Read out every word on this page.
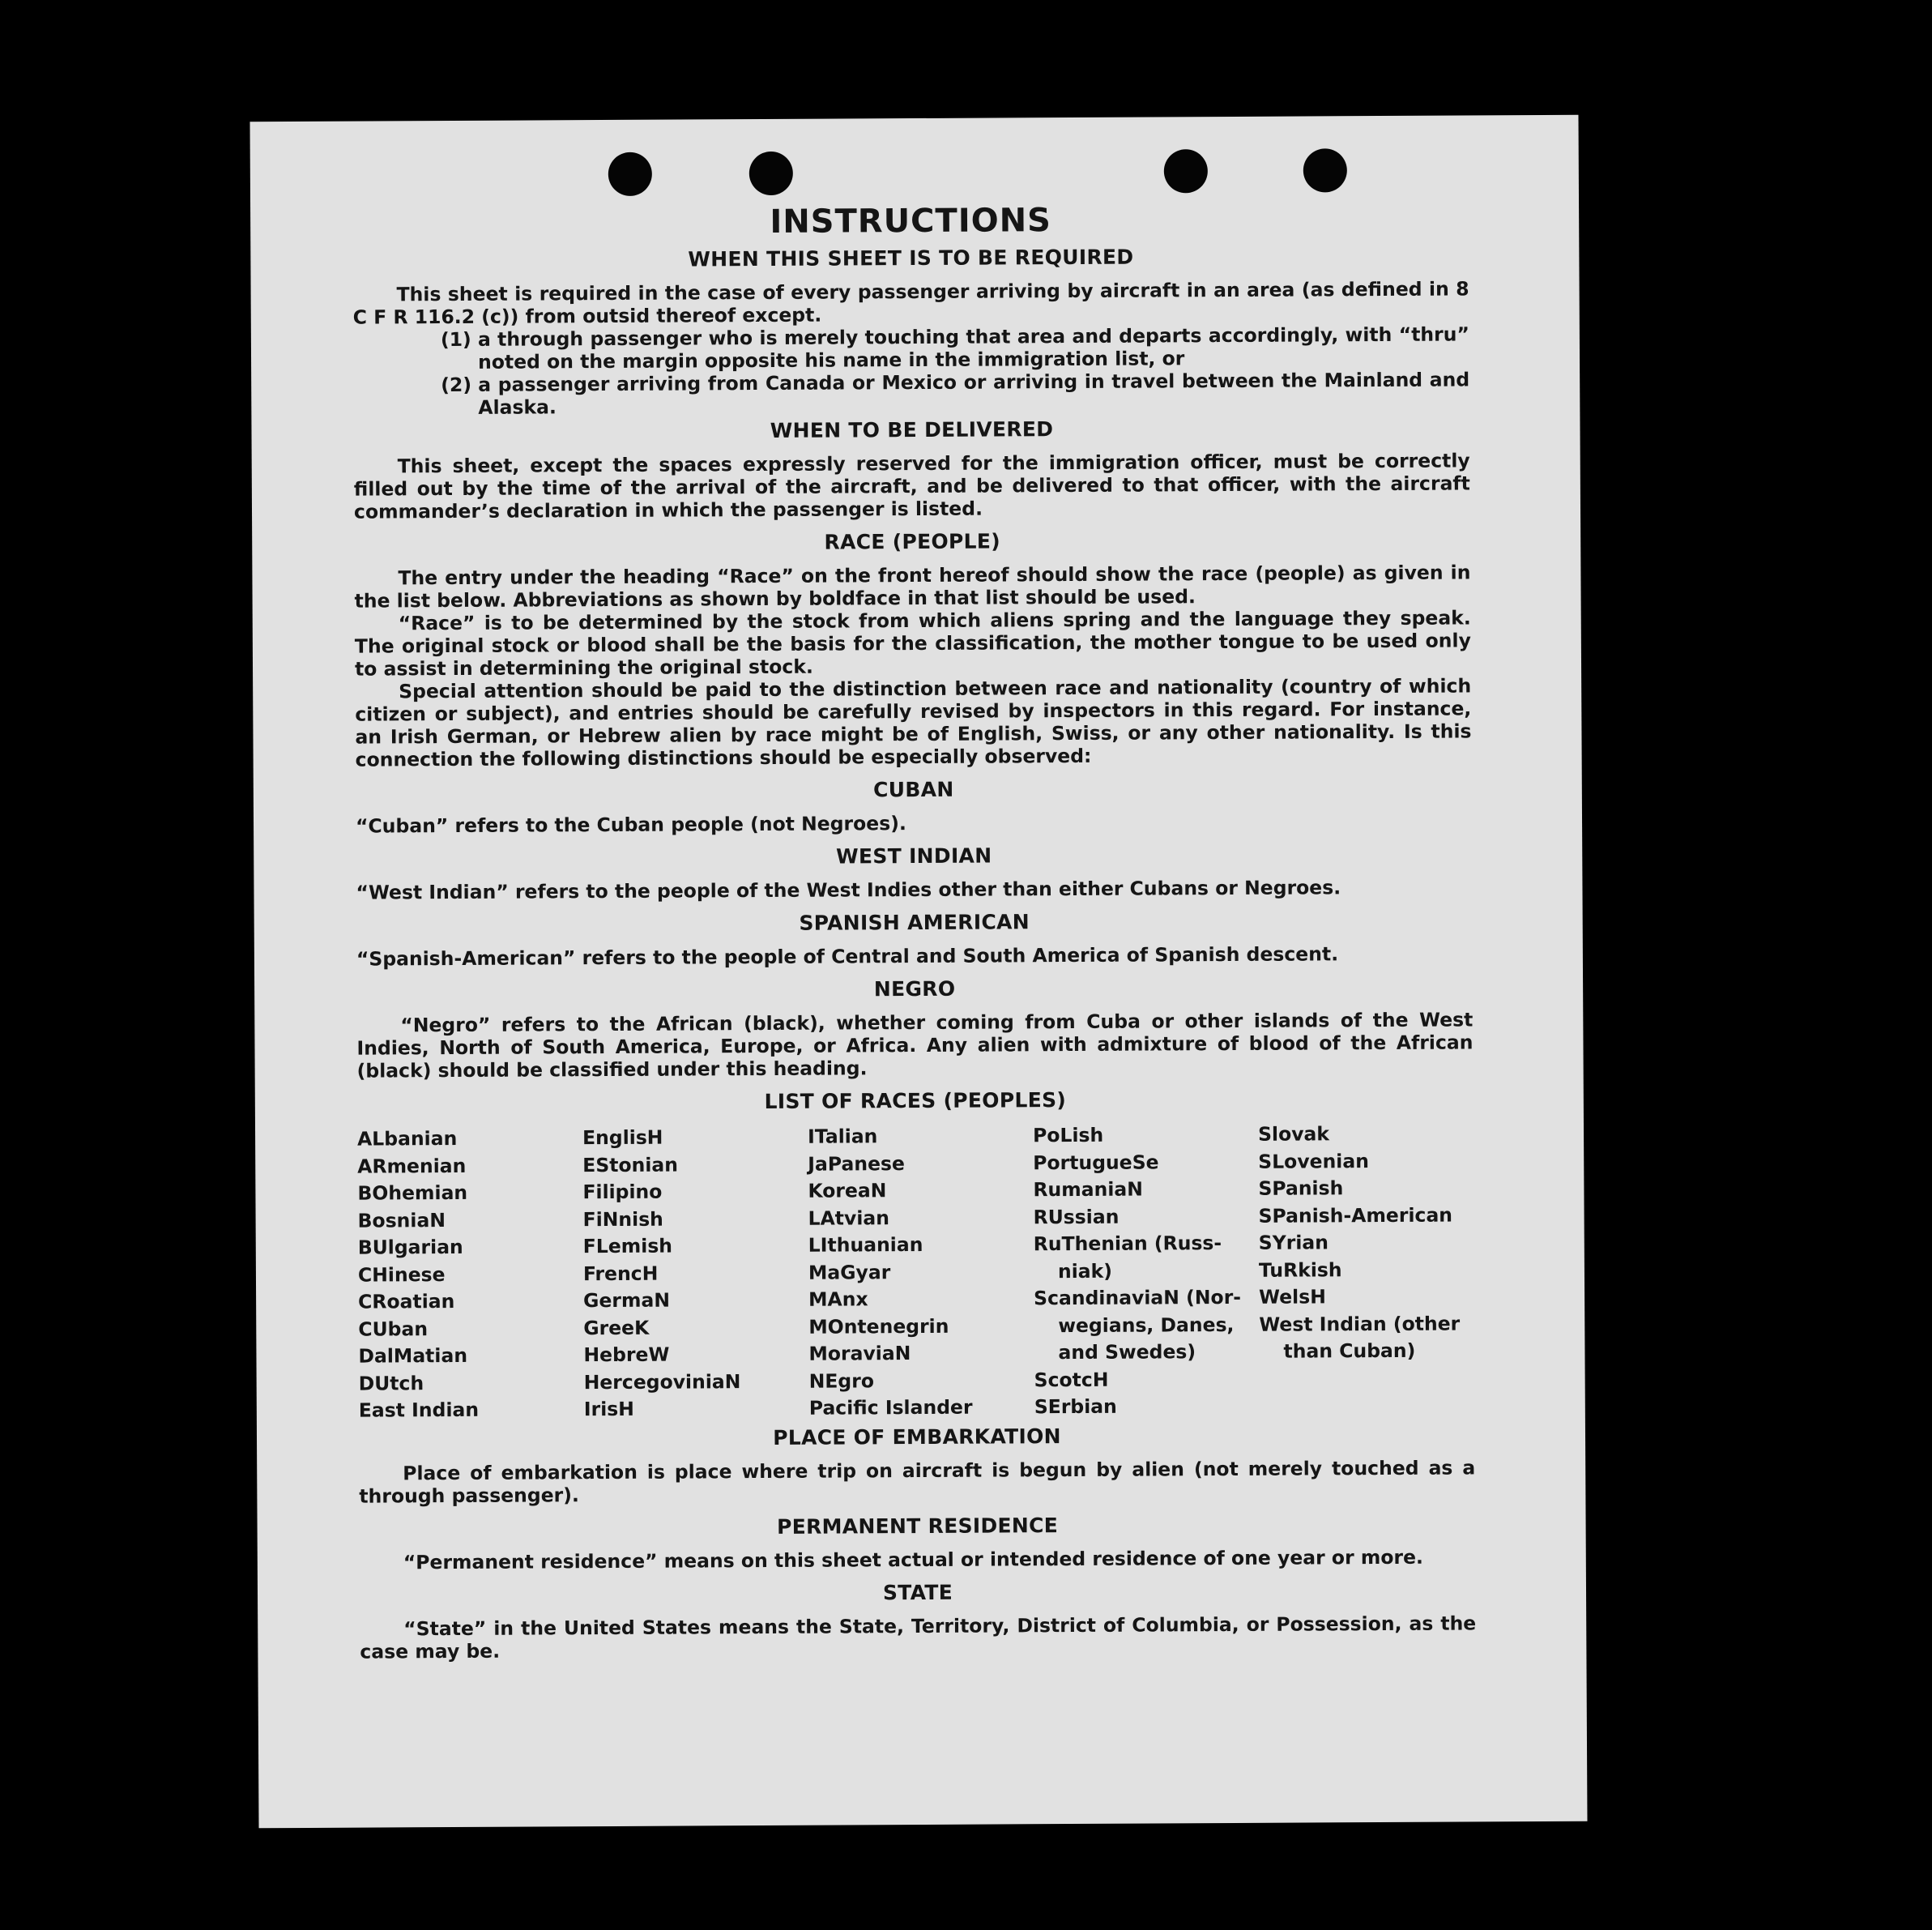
INSTRUCTIONS
WHEN THIS SHEET IS TO BE REQUIRED

This sheet is required in the case of every passenger arriving by aircraft in an area (as defined in 8 C F R 116.2 (c)) from outsid thereof except.

(1) a through passenger who is merely touching that area and departs accordingly, with “thru” noted on the margin opposite his name in the immigration list, or
(2) a passenger arriving from Canada or Mexico or arriving in travel between the Mainland and Alaska.
WHEN TO BE DELIVERED

This sheet, except the spaces expressly reserved for the immigration officer, must be correctly filled out by the time of the arrival of the aircraft, and be delivered to that officer, with the aircraft commander’s declaration in which the passenger is listed.

RACE (PEOPLE)

The entry under the heading “Race” on the front hereof should show the race (people) as given in the list below. Abbreviations as shown by boldface in that list should be used.

“Race” is to be determined by the stock from which aliens spring and the language they speak. The original stock or blood shall be the basis for the classification, the mother tongue to be used only to assist in determining the original stock.

Special attention should be paid to the distinction between race and nationality (country of which citizen or subject), and entries should be carefully revised by inspectors in this regard. For instance, an Irish German, or Hebrew alien by race might be of English, Swiss, or any other nationality. Is this connection the following distinctions should be especially observed:

CUBAN

“Cuban” refers to the Cuban people (not Negroes).

WEST INDIAN

“West Indian” refers to the people of the West Indies other than either Cubans or Negroes.

SPANISH AMERICAN

“Spanish-American” refers to the people of Central and South America of Spanish descent.

NEGRO

“Negro” refers to the African (black), whether coming from Cuba or other islands of the West Indies, North of South America, Europe, or Africa. Any alien with admixture of blood of the African (black) should be classified under this heading.

LIST OF RACES (PEOPLES)
ALbanian
ARmenian
BOhemian
BosniaN
BUlgarian
CHinese
CRoatian
CUban
DalMatian
DUtch
East Indian
EnglisH
EStonian
Filipino
FiNnish
FLemish
FrencH
GermaN
GreeK
HebreW
HercegoviniaN
IrisH
ITalian
JaPanese
KoreaN
LAtvian
LIthuanian
MaGyar
MAnx
MOntenegrin
MoraviaN
NEgro
Pacific Islander
PoLish
PortugueSe
RumaniaN
RUssian
RuThenian (Russ-
niak)
ScandinaviaN (Nor-
wegians, Danes,
and Swedes)
ScotcH
SErbian
Slovak
SLovenian
SPanish
SPanish-American
SYrian
TuRkish
WelsH
West Indian (other
than Cuban)
PLACE OF EMBARKATION

Place of embarkation is place where trip on aircraft is begun by alien (not merely touched as a through passenger).

PERMANENT RESIDENCE

“Permanent residence” means on this sheet actual or intended residence of one year or more.

STATE

“State” in the United States means the State, Territory, District of Columbia, or Possession, as the case may be.
